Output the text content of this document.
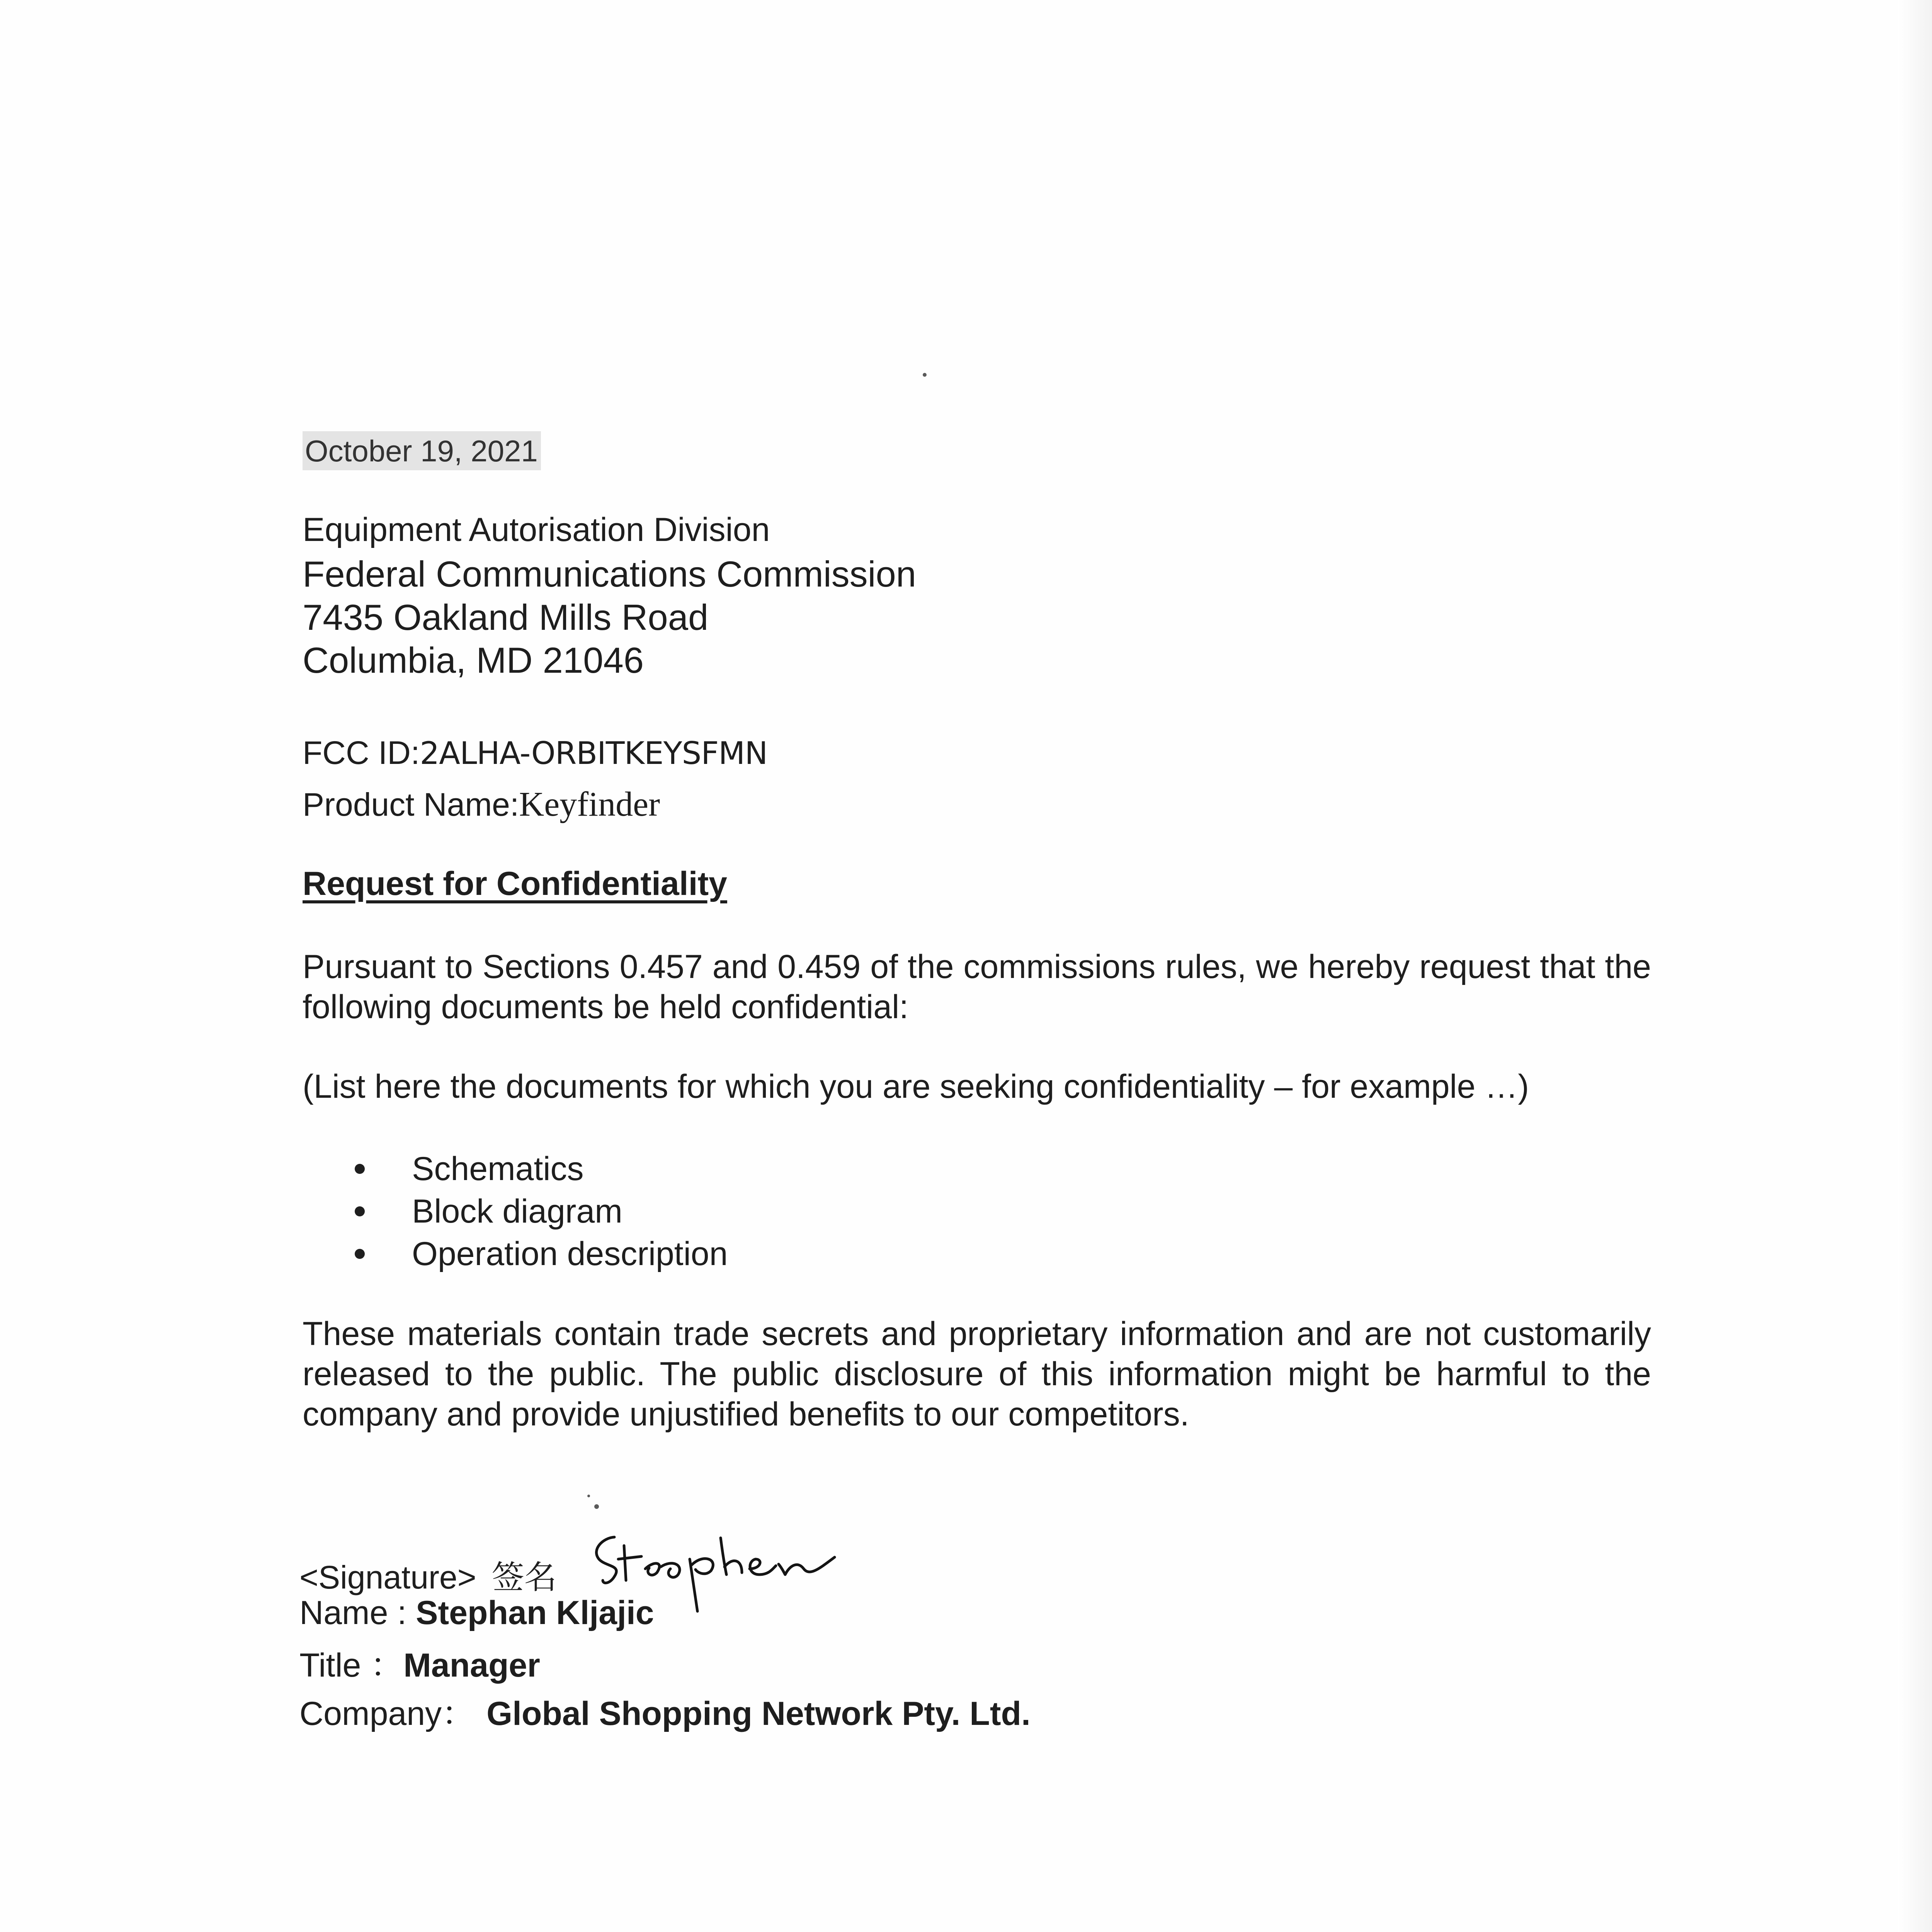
October 19, 2021
Equipment Autorisation Division
Federal Communications Commission
7435 Oakland Mills Road
Columbia, MD 21046
FCC ID:2ALHA-ORBITKEYSFMN
Product Name:Keyfinder
Request for Confidentiality
Pursuant to Sections 0.457 and 0.459 of the commissions rules, we hereby request that the following documents be held confidential:
(List here the documents for which you are seeking confidentiality – for example …)
Schematics
Block diagram
Operation description
These materials contain trade secrets and proprietary information and are not customarily released to the public. The public disclosure of this information might be harmful to the company and provide unjustified benefits to our competitors.
<Signature> 签名
Name : Stephan Kljajic
Title ：Manager
Company： Global Shopping Network Pty. Ltd.
